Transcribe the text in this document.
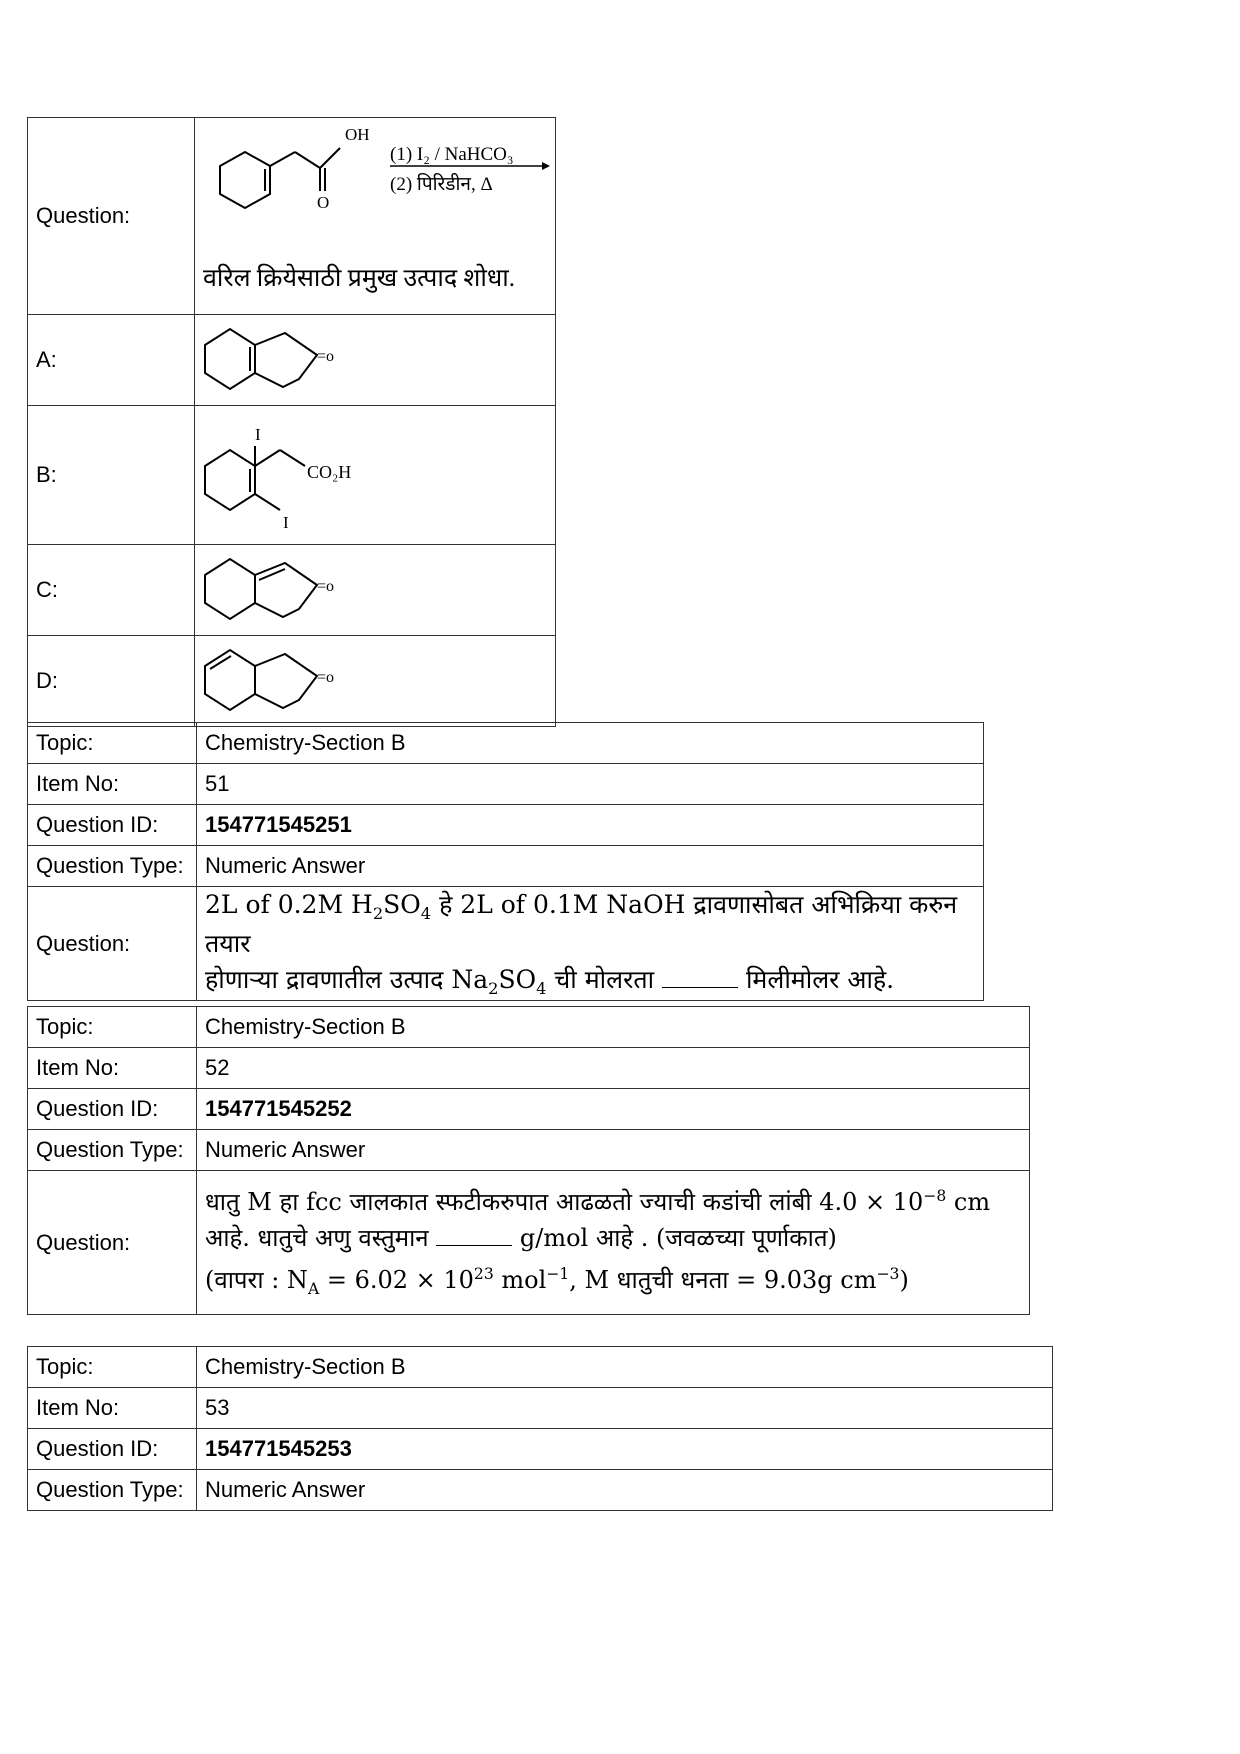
Question:	OH
O
(1) I₂ / NaHCO₃
(2) पिरिडीन, Δ
वरिल क्रियेसाठी प्रमुख उत्पाद शोधा.

A:	=o

B:	I
CO₂H
I

C:	=o

D:	=o
Topic:	Chemistry-Section B
Item No:	51
Question ID:	154771545251
Question Type:	Numeric Answer
Question:	2L of 0.2M $H_2SO_4$ हे 2L of 0.1M NaOH द्रावणासोबत अभिक्रिया करुन तयार
होणाऱ्या द्रावणातील उत्पाद $Na_2SO_4$ ची मोलरता मिलीमोलर आहे.
Topic:	Chemistry-Section B
Item No:	52
Question ID:	154771545252
Question Type:	Numeric Answer
Question:	धातु M हा fcc जालकात स्फटीकरुपात आढळतो ज्याची कडांची लांबी $4.0 \times 10^{-8}$ cm
आहे. धातुचे अणु वस्तुमान g/mol आहे . (जवळच्या पूर्णाकात)
(वापरा : $N_A = 6.02 \times 10^{23}$ mol$^{-1}$, M धातुची धनता = 9.03g $cm^{-3}$)
Topic:	Chemistry-Section B
Item No:	53
Question ID:	154771545253
Question Type:	Numeric Answer
